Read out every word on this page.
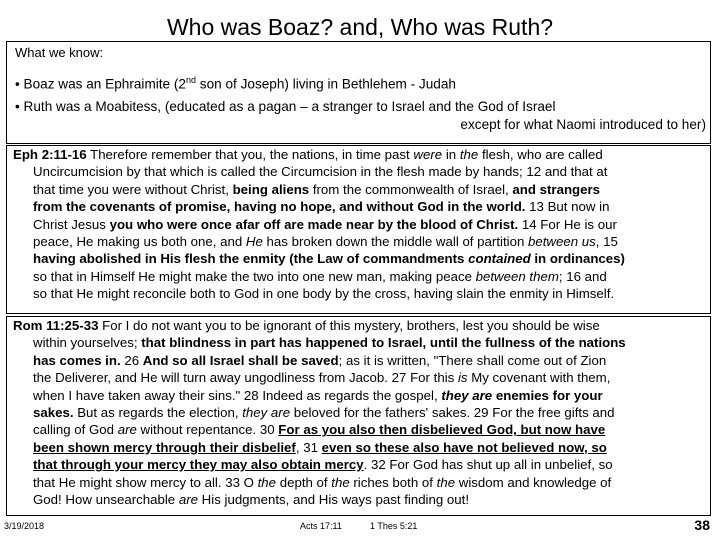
Who was Boaz? and, Who was Ruth?
What we know:
• Boaz was an Ephraimite (2nd son of Joseph) living in Bethlehem - Judah
• Ruth was a Moabitess, (educated as a pagan – a stranger to Israel and the God of Israel
except for what Naomi introduced to her)
Eph 2:11-16 Therefore remember that you, the nations, in time past were in the flesh, who are called
Uncircumcision by that which is called the Circumcision in the flesh made by hands; 12 and that at
that time you were without Christ, being aliens from the commonwealth of Israel, and strangers
from the covenants of promise, having no hope, and without God in the world. 13 But now in
Christ Jesus you who were once afar off are made near by the blood of Christ. 14 For He is our
peace, He making us both one, and He has broken down the middle wall of partition between us, 15
having abolished in His flesh the enmity (the Law of commandments contained in ordinances)
so that in Himself He might make the two into one new man, making peace between them; 16 and
so that He might reconcile both to God in one body by the cross, having slain the enmity in Himself.
Rom 11:25-33 For I do not want you to be ignorant of this mystery, brothers, lest you should be wise
within yourselves; that blindness in part has happened to Israel, until the fullness of the nations
has comes in. 26 And so all Israel shall be saved; as it is written, "There shall come out of Zion
the Deliverer, and He will turn away ungodliness from Jacob. 27 For this is My covenant with them,
when I have taken away their sins." 28 Indeed as regards the gospel, they are enemies for your
sakes. But as regards the election, they are beloved for the fathers' sakes. 29 For the free gifts and
calling of God are without repentance. 30 For as you also then disbelieved God, but now have
been shown mercy through their disbelief, 31 even so these also have not believed now, so
that through your mercy they may also obtain mercy. 32 For God has shut up all in unbelief, so
that He might show mercy to all. 33 O the depth of the riches both of the wisdom and knowledge of
God! How unsearchable are His judgments, and His ways past finding out!
3/19/2018	Acts 17:11	1 Thes 5:21	38
